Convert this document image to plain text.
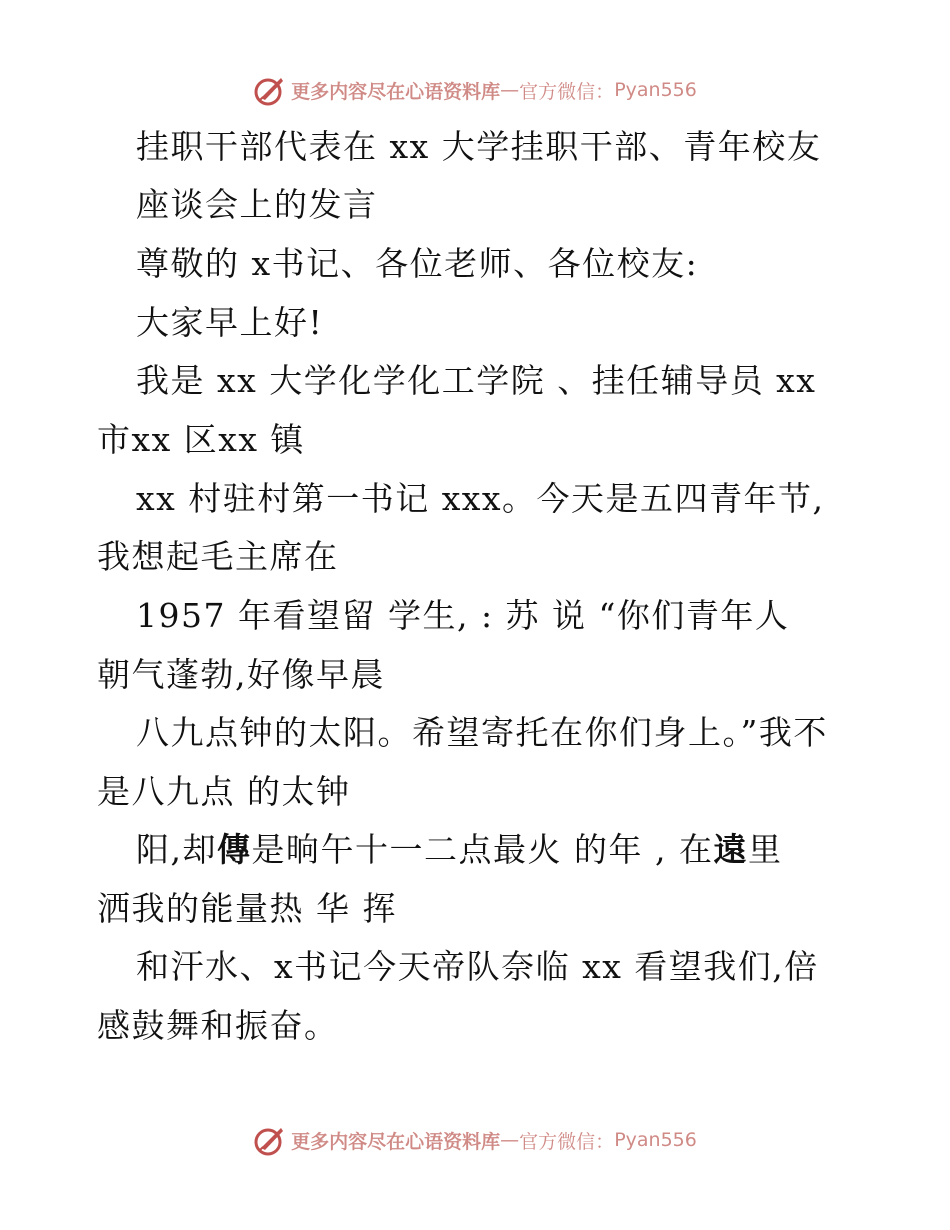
更多内容尽在心语资料库 — 官方微信： Pyan556
挂职干部代表在 xx 大学挂职干部、青年校友
座谈会上的发言
尊敬的 x书记、各位老师、各位校友:
大家早上好!
我是 xx 大学化学化工学院 、挂任辅导员 xx
市xx 区xx 镇
xx 村驻村第一书记 xxx。今天是五四青年节,
我想起毛主席在
1957 年看望留 学生, : 苏 说 “你们青年人
朝气蓬勃,好像早晨
八九点钟的太阳。希望寄托在你们身上。”我不
是八九点 的太钟
阳,却傳是晌午十一二点最火 的年 , 在遠里
洒我的能量热 华 挥
和汗水、x书记今天帝队奈临 xx 看望我们,倍
感鼓舞和振奋。
更多内容尽在心语资料库 — 官方微信： Pyan556
